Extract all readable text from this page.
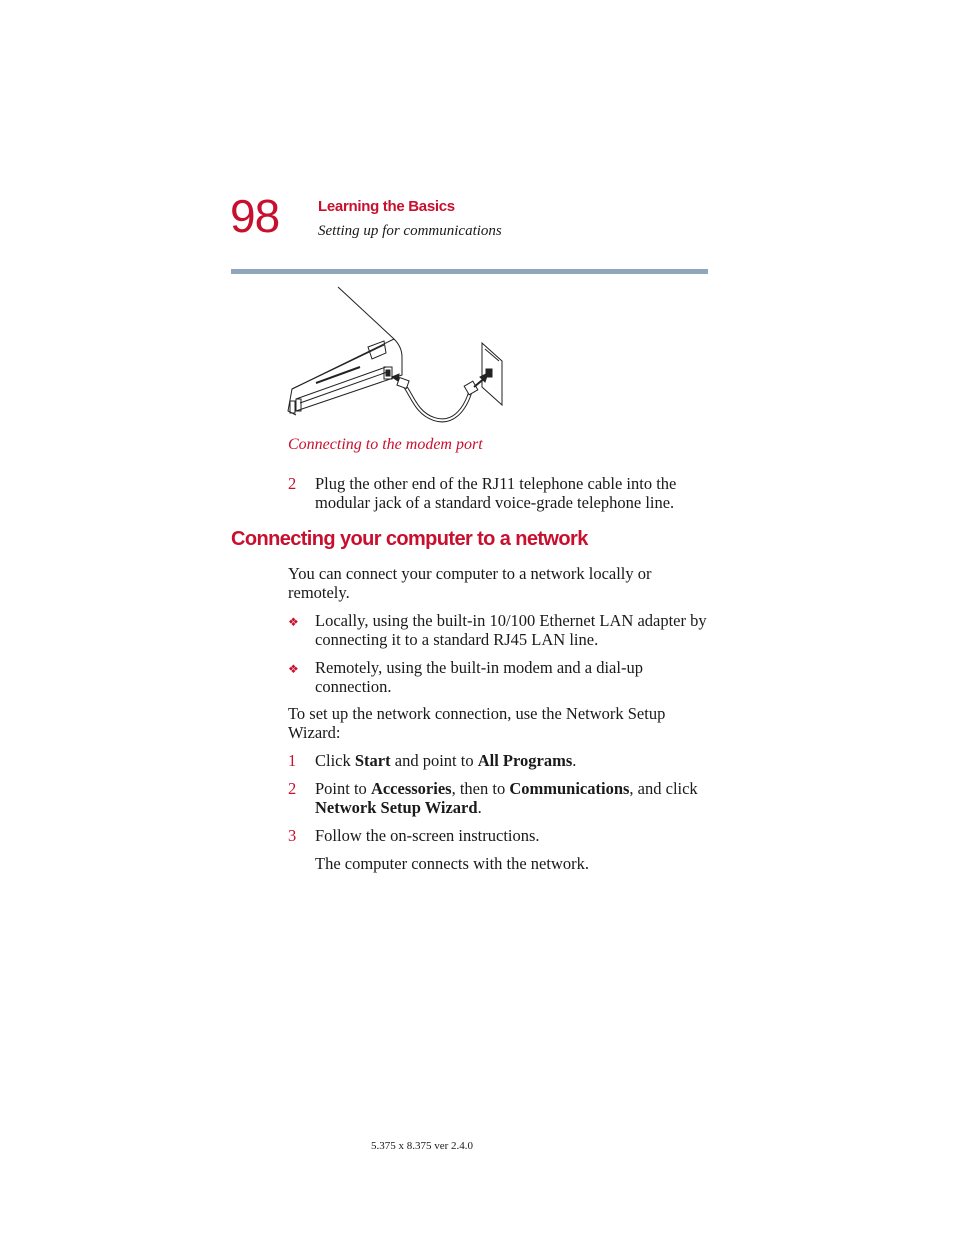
98	Learning the Basics
Setting up for communications
Connecting to the modem port
2	Plug the other end of the RJ11 telephone cable into the modular jack of a standard voice-grade telephone line.
Connecting your computer to a network
You can connect your computer to a network locally or remotely.
❖ Locally, using the built-in 10/100 Ethernet LAN adapter by connecting it to a standard RJ45 LAN line.
❖ Remotely, using the built-in modem and a dial-up connection.
To set up the network connection, use the Network Setup Wizard:
1	Click Start and point to All Programs.
2	Point to Accessories, then to Communications, and click Network Setup Wizard.
3	Follow the on-screen instructions.
The computer connects with the network.
5.375 x 8.375 ver 2.4.0
